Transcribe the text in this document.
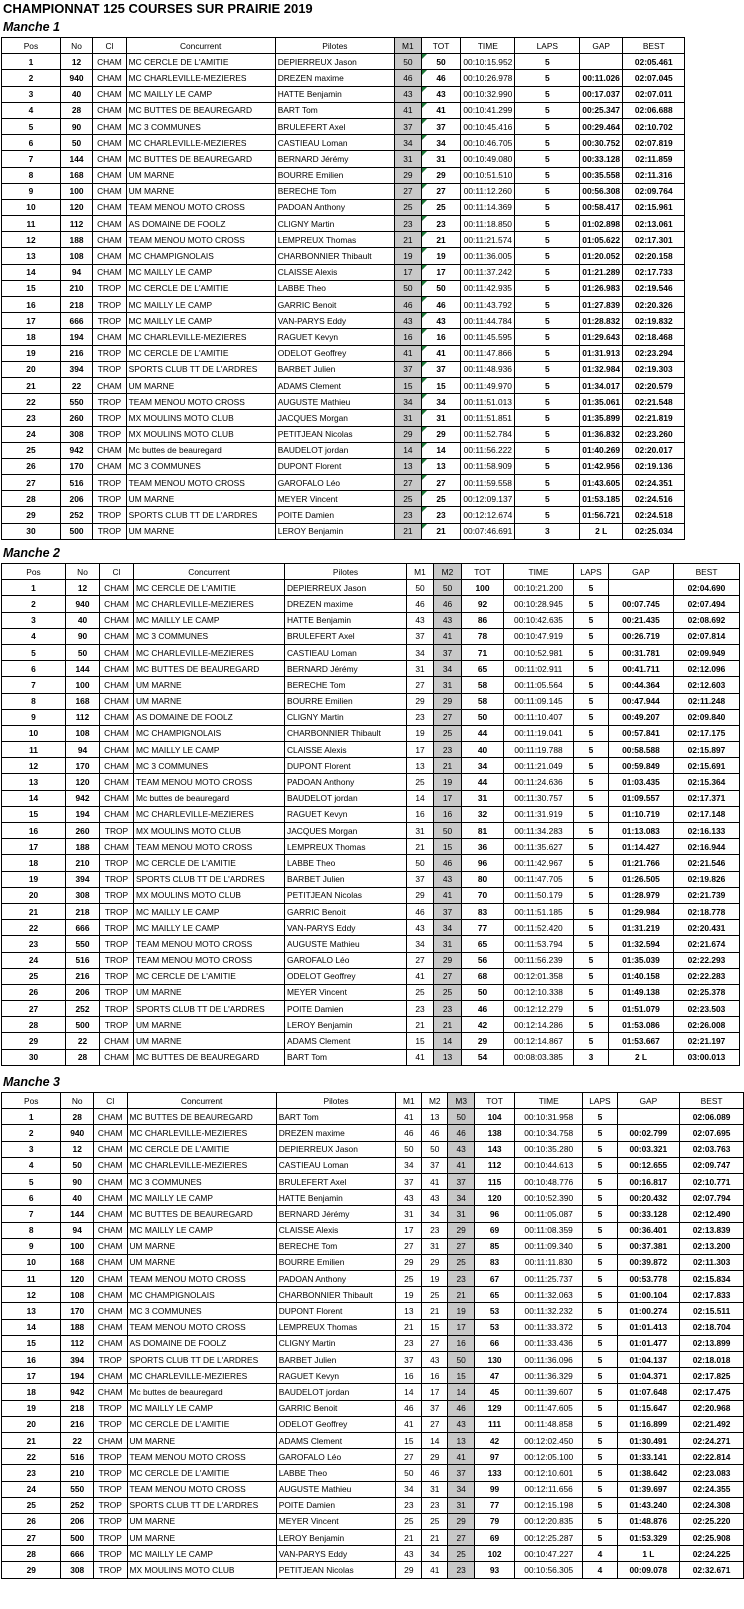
CHAMPIONNAT 125 COURSES SUR PRAIRIE 2019
Manche 1
Pos	No	Cl	Concurrent	Pilotes	M1	TOT	TIME	LAPS	GAP	BEST
1	12	CHAM	MC CERCLE DE L'AMITIE	DEPIERREUX Jason	50	50	00:10:15.952	5		02:05.461
2	940	CHAM	MC CHARLEVILLE-MEZIERES	DREZEN maxime	46	46	00:10:26.978	5	00:11.026	02:07.045
3	40	CHAM	MC MAILLY LE CAMP	HATTE Benjamin	43	43	00:10:32.990	5	00:17.037	02:07.011
4	28	CHAM	MC BUTTES DE BEAUREGARD	BART Tom	41	41	00:10:41.299	5	00:25.347	02:06.688
5	90	CHAM	MC 3 COMMUNES	BRULEFERT Axel	37	37	00:10:45.416	5	00:29.464	02:10.702
6	50	CHAM	MC CHARLEVILLE-MEZIERES	CASTIEAU Loman	34	34	00:10:46.705	5	00:30.752	02:07.819
7	144	CHAM	MC BUTTES DE BEAUREGARD	BERNARD Jérémy	31	31	00:10:49.080	5	00:33.128	02:11.859
8	168	CHAM	UM MARNE	BOURRE Emilien	29	29	00:10:51.510	5	00:35.558	02:11.316
9	100	CHAM	UM MARNE	BERECHE Tom	27	27	00:11:12.260	5	00:56.308	02:09.764
10	120	CHAM	TEAM MENOU MOTO CROSS	PADOAN Anthony	25	25	00:11:14.369	5	00:58.417	02:15.961
11	112	CHAM	AS DOMAINE DE FOOLZ	CLIGNY Martin	23	23	00:11:18.850	5	01:02.898	02:13.061
12	188	CHAM	TEAM MENOU MOTO CROSS	LEMPREUX Thomas	21	21	00:11:21.574	5	01:05.622	02:17.301
13	108	CHAM	MC CHAMPIGNOLAIS	CHARBONNIER Thibault	19	19	00:11:36.005	5	01:20.052	02:20.158
14	94	CHAM	MC MAILLY LE CAMP	CLAISSE Alexis	17	17	00:11:37.242	5	01:21.289	02:17.733
15	210	TROP	MC CERCLE DE L'AMITIE	LABBE Theo	50	50	00:11:42.935	5	01:26.983	02:19.546
16	218	TROP	MC MAILLY LE CAMP	GARRIC Benoit	46	46	00:11:43.792	5	01:27.839	02:20.326
17	666	TROP	MC MAILLY LE CAMP	VAN-PARYS Eddy	43	43	00:11:44.784	5	01:28.832	02:19.832
18	194	CHAM	MC CHARLEVILLE-MEZIERES	RAGUET Kevyn	16	16	00:11:45.595	5	01:29.643	02:18.468
19	216	TROP	MC CERCLE DE L'AMITIE	ODELOT Geoffrey	41	41	00:11:47.866	5	01:31.913	02:23.294
20	394	TROP	SPORTS CLUB TT DE L'ARDRES	BARBET Julien	37	37	00:11:48.936	5	01:32.984	02:19.303
21	22	CHAM	UM MARNE	ADAMS Clement	15	15	00:11:49.970	5	01:34.017	02:20.579
22	550	TROP	TEAM MENOU MOTO CROSS	AUGUSTE Mathieu	34	34	00:11:51.013	5	01:35.061	02:21.548
23	260	TROP	MX MOULINS MOTO CLUB	JACQUES Morgan	31	31	00:11:51.851	5	01:35.899	02:21.819
24	308	TROP	MX MOULINS MOTO CLUB	PETITJEAN Nicolas	29	29	00:11:52.784	5	01:36.832	02:23.260
25	942	CHAM	Mc buttes de beauregard	BAUDELOT jordan	14	14	00:11:56.222	5	01:40.269	02:20.017
26	170	CHAM	MC 3 COMMUNES	DUPONT Florent	13	13	00:11:58.909	5	01:42.956	02:19.136
27	516	TROP	TEAM MENOU MOTO CROSS	GAROFALO Léo	27	27	00:11:59.558	5	01:43.605	02:24.351
28	206	TROP	UM MARNE	MEYER Vincent	25	25	00:12:09.137	5	01:53.185	02:24.516
29	252	TROP	SPORTS CLUB TT DE L'ARDRES	POITE Damien	23	23	00:12:12.674	5	01:56.721	02:24.518
30	500	TROP	UM MARNE	LEROY Benjamin	21	21	00:07:46.691	3	2 L	02:25.034
Manche 2
Pos	No	Cl	Concurrent	Pilotes	M1	M2	TOT	TIME	LAPS	GAP	BEST
1	12	CHAM	MC CERCLE DE L'AMITIE	DEPIERREUX Jason	50	50	100	00:10:21.200	5		02:04.690
2	940	CHAM	MC CHARLEVILLE-MEZIERES	DREZEN maxime	46	46	92	00:10:28.945	5	00:07.745	02:07.494
3	40	CHAM	MC MAILLY LE CAMP	HATTE Benjamin	43	43	86	00:10:42.635	5	00:21.435	02:08.692
4	90	CHAM	MC 3 COMMUNES	BRULEFERT Axel	37	41	78	00:10:47.919	5	00:26.719	02:07.814
5	50	CHAM	MC CHARLEVILLE-MEZIERES	CASTIEAU Loman	34	37	71	00:10:52.981	5	00:31.781	02:09.949
6	144	CHAM	MC BUTTES DE BEAUREGARD	BERNARD Jérémy	31	34	65	00:11:02.911	5	00:41.711	02:12.096
7	100	CHAM	UM MARNE	BERECHE Tom	27	31	58	00:11:05.564	5	00:44.364	02:12.603
8	168	CHAM	UM MARNE	BOURRE Emilien	29	29	58	00:11:09.145	5	00:47.944	02:11.248
9	112	CHAM	AS DOMAINE DE FOOLZ	CLIGNY Martin	23	27	50	00:11:10.407	5	00:49.207	02:09.840
10	108	CHAM	MC CHAMPIGNOLAIS	CHARBONNIER Thibault	19	25	44	00:11:19.041	5	00:57.841	02:17.175
11	94	CHAM	MC MAILLY LE CAMP	CLAISSE Alexis	17	23	40	00:11:19.788	5	00:58.588	02:15.897
12	170	CHAM	MC 3 COMMUNES	DUPONT Florent	13	21	34	00:11:21.049	5	00:59.849	02:15.691
13	120	CHAM	TEAM MENOU MOTO CROSS	PADOAN Anthony	25	19	44	00:11:24.636	5	01:03.435	02:15.364
14	942	CHAM	Mc buttes de beauregard	BAUDELOT jordan	14	17	31	00:11:30.757	5	01:09.557	02:17.371
15	194	CHAM	MC CHARLEVILLE-MEZIERES	RAGUET Kevyn	16	16	32	00:11:31.919	5	01:10.719	02:17.148
16	260	TROP	MX MOULINS MOTO CLUB	JACQUES Morgan	31	50	81	00:11:34.283	5	01:13.083	02:16.133
17	188	CHAM	TEAM MENOU MOTO CROSS	LEMPREUX Thomas	21	15	36	00:11:35.627	5	01:14.427	02:16.944
18	210	TROP	MC CERCLE DE L'AMITIE	LABBE Theo	50	46	96	00:11:42.967	5	01:21.766	02:21.546
19	394	TROP	SPORTS CLUB TT DE L'ARDRES	BARBET Julien	37	43	80	00:11:47.705	5	01:26.505	02:19.826
20	308	TROP	MX MOULINS MOTO CLUB	PETITJEAN Nicolas	29	41	70	00:11:50.179	5	01:28.979	02:21.739
21	218	TROP	MC MAILLY LE CAMP	GARRIC Benoit	46	37	83	00:11:51.185	5	01:29.984	02:18.778
22	666	TROP	MC MAILLY LE CAMP	VAN-PARYS Eddy	43	34	77	00:11:52.420	5	01:31.219	02:20.431
23	550	TROP	TEAM MENOU MOTO CROSS	AUGUSTE Mathieu	34	31	65	00:11:53.794	5	01:32.594	02:21.674
24	516	TROP	TEAM MENOU MOTO CROSS	GAROFALO Léo	27	29	56	00:11:56.239	5	01:35.039	02:22.293
25	216	TROP	MC CERCLE DE L'AMITIE	ODELOT Geoffrey	41	27	68	00:12:01.358	5	01:40.158	02:22.283
26	206	TROP	UM MARNE	MEYER Vincent	25	25	50	00:12:10.338	5	01:49.138	02:25.378
27	252	TROP	SPORTS CLUB TT DE L'ARDRES	POITE Damien	23	23	46	00:12:12.279	5	01:51.079	02:23.503
28	500	TROP	UM MARNE	LEROY Benjamin	21	21	42	00:12:14.286	5	01:53.086	02:26.008
29	22	CHAM	UM MARNE	ADAMS Clement	15	14	29	00:12:14.867	5	01:53.667	02:21.197
30	28	CHAM	MC BUTTES DE BEAUREGARD	BART Tom	41	13	54	00:08:03.385	3	2 L	03:00.013
Manche 3
Pos	No	Cl	Concurrent	Pilotes	M1	M2	M3	TOT	TIME	LAPS	GAP	BEST
1	28	CHAM	MC BUTTES DE BEAUREGARD	BART Tom	41	13	50	104	00:10:31.958	5		02:06.089
2	940	CHAM	MC CHARLEVILLE-MEZIERES	DREZEN maxime	46	46	46	138	00:10:34.758	5	00:02.799	02:07.695
3	12	CHAM	MC CERCLE DE L'AMITIE	DEPIERREUX Jason	50	50	43	143	00:10:35.280	5	00:03.321	02:03.763
4	50	CHAM	MC CHARLEVILLE-MEZIERES	CASTIEAU Loman	34	37	41	112	00:10:44.613	5	00:12.655	02:09.747
5	90	CHAM	MC 3 COMMUNES	BRULEFERT Axel	37	41	37	115	00:10:48.776	5	00:16.817	02:10.771
6	40	CHAM	MC MAILLY LE CAMP	HATTE Benjamin	43	43	34	120	00:10:52.390	5	00:20.432	02:07.794
7	144	CHAM	MC BUTTES DE BEAUREGARD	BERNARD Jérémy	31	34	31	96	00:11:05.087	5	00:33.128	02:12.490
8	94	CHAM	MC MAILLY LE CAMP	CLAISSE Alexis	17	23	29	69	00:11:08.359	5	00:36.401	02:13.839
9	100	CHAM	UM MARNE	BERECHE Tom	27	31	27	85	00:11:09.340	5	00:37.381	02:13.200
10	168	CHAM	UM MARNE	BOURRE Emilien	29	29	25	83	00:11:11.830	5	00:39.872	02:11.303
11	120	CHAM	TEAM MENOU MOTO CROSS	PADOAN Anthony	25	19	23	67	00:11:25.737	5	00:53.778	02:15.834
12	108	CHAM	MC CHAMPIGNOLAIS	CHARBONNIER Thibault	19	25	21	65	00:11:32.063	5	01:00.104	02:17.833
13	170	CHAM	MC 3 COMMUNES	DUPONT Florent	13	21	19	53	00:11:32.232	5	01:00.274	02:15.511
14	188	CHAM	TEAM MENOU MOTO CROSS	LEMPREUX Thomas	21	15	17	53	00:11:33.372	5	01:01.413	02:18.704
15	112	CHAM	AS DOMAINE DE FOOLZ	CLIGNY Martin	23	27	16	66	00:11:33.436	5	01:01.477	02:13.899
16	394	TROP	SPORTS CLUB TT DE L'ARDRES	BARBET Julien	37	43	50	130	00:11:36.096	5	01:04.137	02:18.018
17	194	CHAM	MC CHARLEVILLE-MEZIERES	RAGUET Kevyn	16	16	15	47	00:11:36.329	5	01:04.371	02:17.825
18	942	CHAM	Mc buttes de beauregard	BAUDELOT jordan	14	17	14	45	00:11:39.607	5	01:07.648	02:17.475
19	218	TROP	MC MAILLY LE CAMP	GARRIC Benoit	46	37	46	129	00:11:47.605	5	01:15.647	02:20.968
20	216	TROP	MC CERCLE DE L'AMITIE	ODELOT Geoffrey	41	27	43	111	00:11:48.858	5	01:16.899	02:21.492
21	22	CHAM	UM MARNE	ADAMS Clement	15	14	13	42	00:12:02.450	5	01:30.491	02:24.271
22	516	TROP	TEAM MENOU MOTO CROSS	GAROFALO Léo	27	29	41	97	00:12:05.100	5	01:33.141	02:22.814
23	210	TROP	MC CERCLE DE L'AMITIE	LABBE Theo	50	46	37	133	00:12:10.601	5	01:38.642	02:23.083
24	550	TROP	TEAM MENOU MOTO CROSS	AUGUSTE Mathieu	34	31	34	99	00:12:11.656	5	01:39.697	02:24.355
25	252	TROP	SPORTS CLUB TT DE L'ARDRES	POITE Damien	23	23	31	77	00:12:15.198	5	01:43.240	02:24.308
26	206	TROP	UM MARNE	MEYER Vincent	25	25	29	79	00:12:20.835	5	01:48.876	02:25.220
27	500	TROP	UM MARNE	LEROY Benjamin	21	21	27	69	00:12:25.287	5	01:53.329	02:25.908
28	666	TROP	MC MAILLY LE CAMP	VAN-PARYS Eddy	43	34	25	102	00:10:47.227	4	1 L	02:24.225
29	308	TROP	MX MOULINS MOTO CLUB	PETITJEAN Nicolas	29	41	23	93	00:10:56.305	4	00:09.078	02:32.671
